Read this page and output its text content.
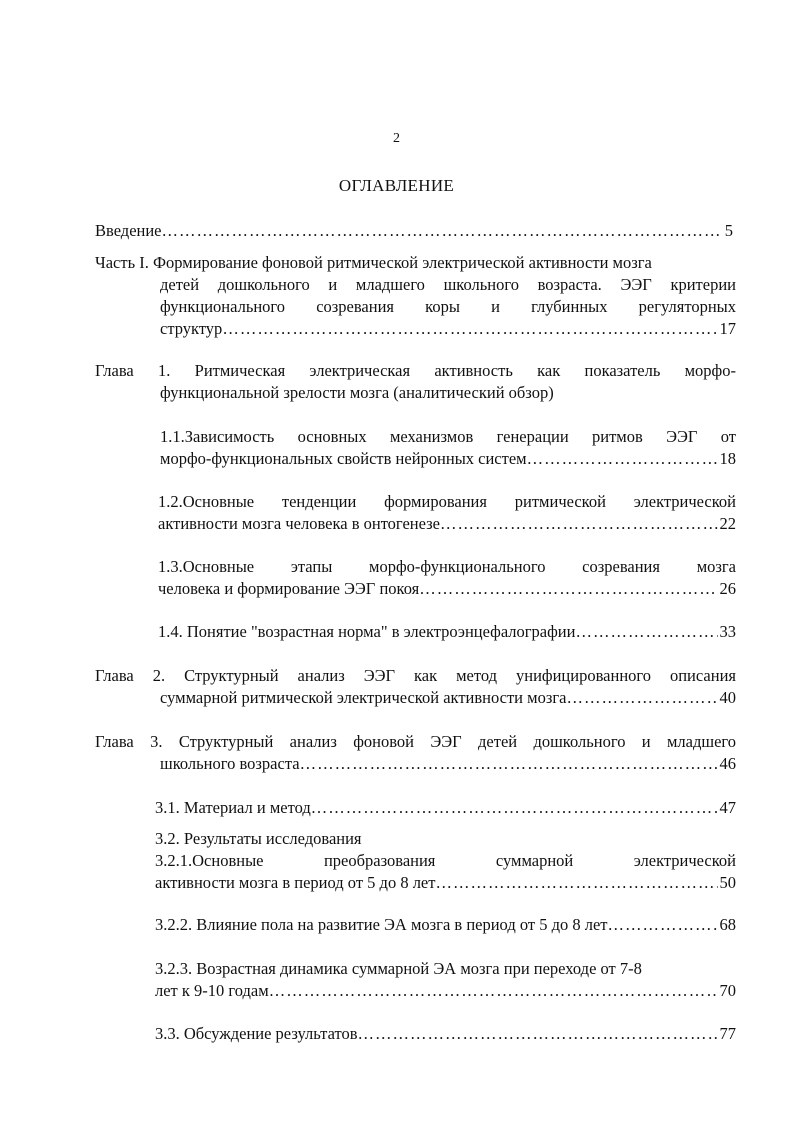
2
ОГЛАВЛЕНИЕ
Введение ………………………………………………………………………………………………………………………………………………………………………………	5
Часть I. Формирование фоновой ритмической электрической активности мозга
детей дошкольного и младшего школьного возраста. ЭЭГ критерии
функционального созревания коры и глубинных регуляторных
структур ………………………………………………………………………………………………………………………………………………………………………………	17
Глава 1. Ритмическая электрическая активность как показатель морфо-
функциональной зрелости мозга (аналитический обзор)
1.1.Зависимость основных механизмов генерации ритмов ЭЭГ от
морфо-функциональных свойств нейронных систем ………………………………………………………………………………………………………………………………………………………………………………	18
1.2.Основные тенденции формирования ритмической электрической
активности мозга человека в онтогенезе ………………………………………………………………………………………………………………………………………………………………………………	22
1.3.Основные этапы морфо-функционального созревания мозга
человека и формирование ЭЭГ покоя ………………………………………………………………………………………………………………………………………………………………………………	26
1.4. Понятие "возрастная норма" в электроэнцефалографии ………………………………………………………………………………………………………………………………………………………………………………	33
Глава 2. Структурный анализ ЭЭГ как метод унифицированного описания
суммарной ритмической электрической активности мозга ………………………………………………………………………………………………………………………………………………………………………………	40
Глава 3. Структурный анализ фоновой ЭЭГ детей дошкольного и младшего
школьного возраста ………………………………………………………………………………………………………………………………………………………………………………	46
3.1. Материал и метод ………………………………………………………………………………………………………………………………………………………………………………	47
3.2. Результаты исследования
3.2.1.Основные преобразования суммарной электрической
активности мозга в период от 5 до 8 лет ………………………………………………………………………………………………………………………………………………………………………………	50
3.2.2. Влияние пола на развитие ЭА мозга в период от 5 до 8 лет ………………………………………………………………………………………………………………………………………………………………………………	68
3.2.3. Возрастная динамика суммарной ЭА мозга при переходе от 7-8
лет к 9-10 годам ………………………………………………………………………………………………………………………………………………………………………………	70
3.3. Обсуждение результатов ………………………………………………………………………………………………………………………………………………………………………………	77
